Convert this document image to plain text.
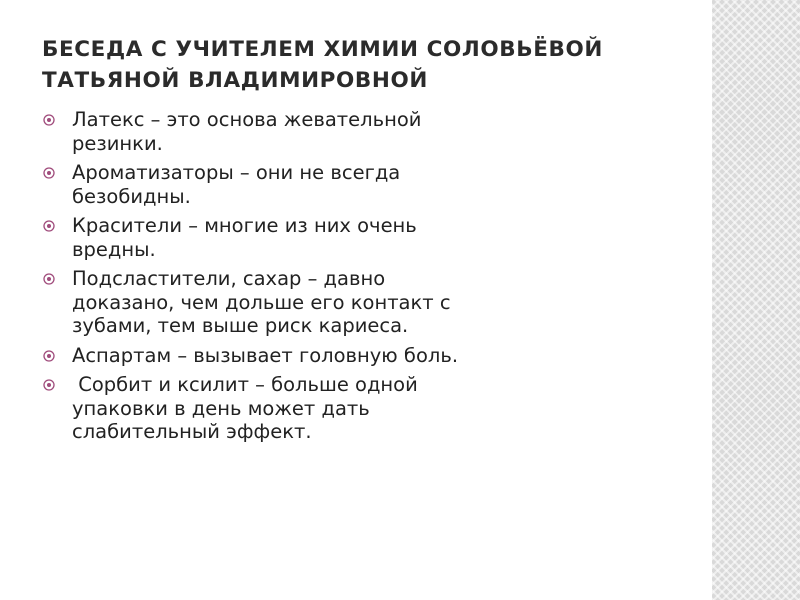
БЕСЕДА С УЧИТЕЛЕМ ХИМИИ СОЛОВЬЁВОЙ ТАТЬЯНОЙ ВЛАДИМИРОВНОЙ
Латекс – это основа жевательной резинки.
Ароматизаторы – они не всегда безобидны.
Красители – многие из них очень вредны.
Подсластители, сахар – давно доказано, чем дольше его контакт с зубами, тем выше риск кариеса.
Аспартам – вызывает головную боль.
Сорбит и ксилит – больше одной упаковки в день может дать слабительный эффект.
